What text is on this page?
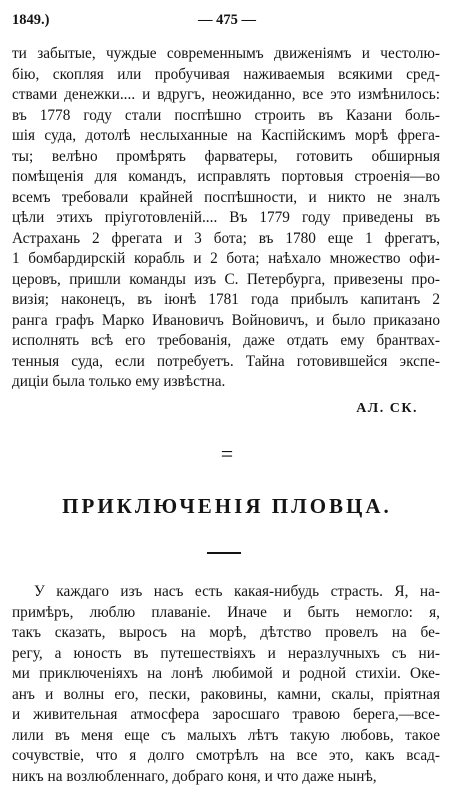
1849.)	— 475 —
ти забытые, чуждые современнымъ движеніямъ и честолю-
бію, скопляя или пробучивая наживаемыя всякими сред-
ствами денежки.... и вдругъ, неожиданно, все это измѣнилось:
въ 1778 году стали поспѣшно строить въ Казани боль-
шія суда, дотолѣ неслыханные на Каспійскимъ морѣ фрега-
ты; велѣно промѣрять фарватеры, готовить обширныя
помѣщенія для командъ, исправлять портовыя строенія—во
всемъ требовали крайней поспѣшности, и никто не зналъ
цѣли этихъ пріуготовленій.... Въ 1779 году приведены въ
Астрахань 2 фрегата и 3 бота; въ 1780 еще 1 фрегатъ,
1 бомбардирскій корабль и 2 бота; наѣхало множество офи-
церовъ, пришли команды изъ С. Петербурга, привезены про-
визія; наконецъ, въ іюнѣ 1781 года прибылъ капитанъ 2
ранга графъ Марко Ивановичъ Войновичъ, и было приказано
исполнять всѣ его требованія, даже отдать ему брантвах-
тенныя суда, если потребуетъ. Тайна готовившейся экспе-
диціи была только ему извѣстна.
АЛ. СК.
=
ПРИКЛЮЧЕНІЯ ПЛОВЦА.
У каждаго изъ насъ есть какая-нибудь страсть. Я, на-
примѣръ, люблю плаваніе. Иначе и быть немогло: я,
такъ сказать, выросъ на морѣ, дѣтство провелъ на бе-
регу, а юность въ путешествіяхъ и неразлучныхъ съ ни-
ми приключеніяхъ на лонѣ любимой и родной стихіи. Оке-
анъ и волны его, пески, раковины, камни, скалы, пріятная
и живительная атмосфера заросшаго травою берега,—все-
лили въ меня еще съ малыхъ лѣтъ такую любовь, такое
сочувствіе, что я долго смотрѣлъ на все это, какъ всад-
никъ на возлюбленнаго, добраго коня, и что даже нынѣ,
